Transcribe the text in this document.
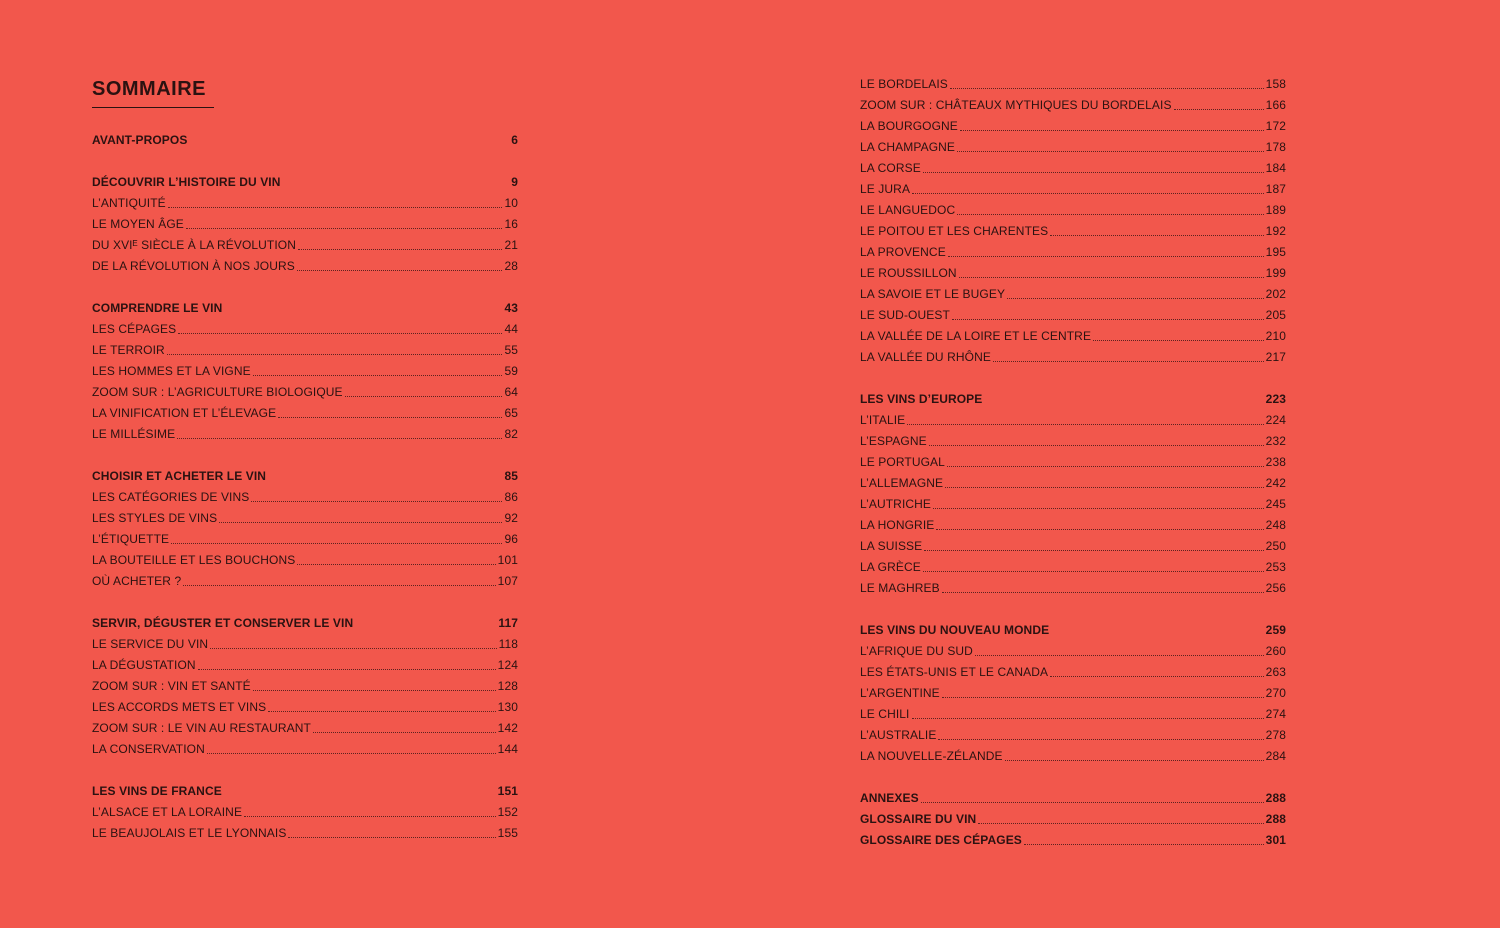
SOMMAIRE
AVANT-PROPOS	6
DÉCOUVRIR L’HISTOIRE DU VIN	9
L’ANTIQUITÉ	10
LE MOYEN ÂGE	16
DU XVIᴱ SIÈCLE À LA RÉVOLUTION	21
DE LA RÉVOLUTION À NOS JOURS	28
COMPRENDRE LE VIN	43
LES CÉPAGES	44
LE TERROIR	55
LES HOMMES ET LA VIGNE	59
ZOOM SUR : L’AGRICULTURE BIOLOGIQUE	64
LA VINIFICATION ET L’ÉLEVAGE	65
LE MILLÉSIME	82
CHOISIR ET ACHETER LE VIN	85
LES CATÉGORIES DE VINS	86
LES STYLES DE VINS	92
L’ÉTIQUETTE	96
LA BOUTEILLE ET LES BOUCHONS	101
OÙ ACHETER ?	107
SERVIR, DÉGUSTER ET CONSERVER LE VIN	117
LE SERVICE DU VIN	118
LA DÉGUSTATION	124
ZOOM SUR : VIN ET SANTÉ	128
LES ACCORDS METS ET VINS	130
ZOOM SUR : LE VIN AU RESTAURANT	142
LA CONSERVATION	144
LES VINS DE FRANCE	151
L’ALSACE ET LA LORAINE	152
LE BEAUJOLAIS ET LE LYONNAIS	155
LE BORDELAIS	158
ZOOM SUR : CHÂTEAUX MYTHIQUES DU BORDELAIS	166
LA BOURGOGNE	172
LA CHAMPAGNE	178
LA CORSE	184
LE JURA	187
LE LANGUEDOC	189
LE POITOU ET LES CHARENTES	192
LA PROVENCE	195
LE ROUSSILLON	199
LA SAVOIE ET LE BUGEY	202
LE SUD-OUEST	205
LA VALLÉE DE LA LOIRE ET LE CENTRE	210
LA VALLÉE DU RHÔNE	217
LES VINS D’EUROPE	223
L’ITALIE	224
L’ESPAGNE	232
LE PORTUGAL	238
L’ALLEMAGNE	242
L’AUTRICHE	245
LA HONGRIE	248
LA SUISSE	250
LA GRÈCE	253
LE MAGHREB	256
LES VINS DU NOUVEAU MONDE	259
L’AFRIQUE DU SUD	260
LES ÉTATS-UNIS ET LE CANADA	263
L’ARGENTINE	270
LE CHILI	274
L’AUSTRALIE	278
LA NOUVELLE-ZÉLANDE	284
ANNEXES	288
GLOSSAIRE DU VIN	288
GLOSSAIRE DES CÉPAGES	301
